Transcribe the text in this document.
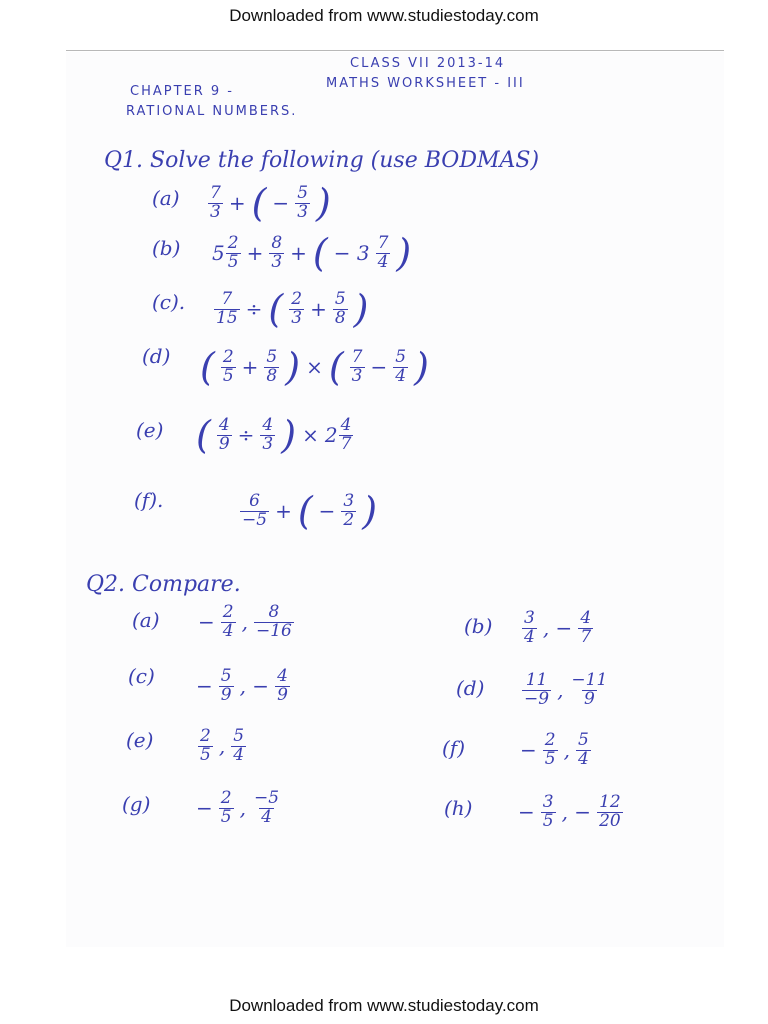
Downloaded from www.studiestoday.com
CLASS VII 2013-14
MATHS WORKSHEET - III
CHAPTER 9 -
RATIONAL NUMBERS.
Q1. Solve the following (use BODMAS)
$(a) \frac{7}{3}$ + ( − $\frac{5}{3}$ )
(b) $5 \frac{2}{5} + \frac{8}{3}$ + ( − $3 \frac{7}{4}$ )
(c). $\frac{7}{15}$ ÷ ( $\frac{2}{3} + \frac{5}{8}$ )
(d) ( $\frac{2}{5} + \frac{5}{8}$ ) × ( $\frac{7}{3} - \frac{5}{4}$ )
(e) ( $\frac{4}{9} \div \frac{4}{3}$ ) × $2 \frac{4}{7}$
(f).	$\frac{6}{-5}$ + ( − $\frac{3}{2}$ )
Q2. Compare.
$(a) - \frac{2}{4}$ , $\frac{8}{-16}$	$(b) \frac{3}{4}$ , − $\frac{4}{7}$
$(c) - \frac{5}{9}$ , − $\frac{4}{9}$	$(d) \frac{11}{-9}$ , $\frac{-11}{9}$
(e)	$\frac{2}{5}$ , $\frac{5}{4}$	(f)	− $\frac{2}{5}$ , $\frac{5}{4}$
$(g) - \frac{2}{5}$ , $\frac{-5}{4}$	$(h) - \frac{3}{5}$ , − $\frac{12}{20}$
Downloaded from www.studiestoday.com
